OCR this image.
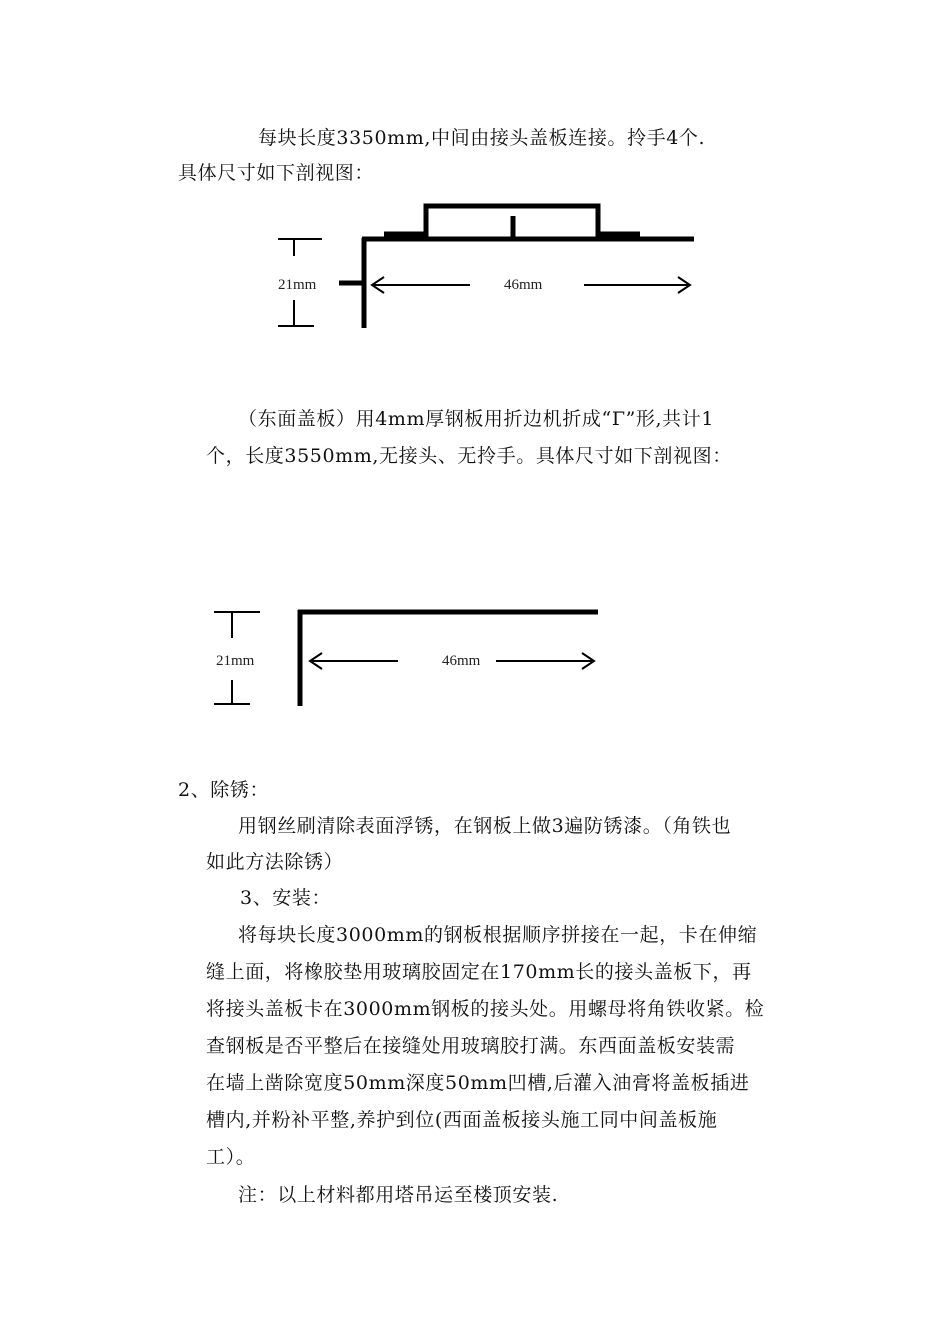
每块长度3350mm,中间由接头盖板连接。拎手4个.
具体尺寸如下剖视图：
21mm	46mm
（东面盖板）用4mm厚钢板用折边机折成“Γ”形,共计1
个，长度3550mm,无接头、无拎手。具体尺寸如下剖视图：
21mm	46mm
2、除锈：
用钢丝刷清除表面浮锈，在钢板上做3遍防锈漆。（角铁也
如此方法除锈）
3、安装：
将每块长度3000mm的钢板根据顺序拼接在一起，卡在伸缩
缝上面，将橡胶垫用玻璃胶固定在170mm长的接头盖板下，再
将接头盖板卡在3000mm钢板的接头处。用螺母将角铁收紧。检
查钢板是否平整后在接缝处用玻璃胶打满。东西面盖板安装需
在墙上凿除宽度50mm深度50mm凹槽,后灌入油膏将盖板插进
槽内,并粉补平整,养护到位(西面盖板接头施工同中间盖板施
工）。
注：以上材料都用塔吊运至楼顶安装.
